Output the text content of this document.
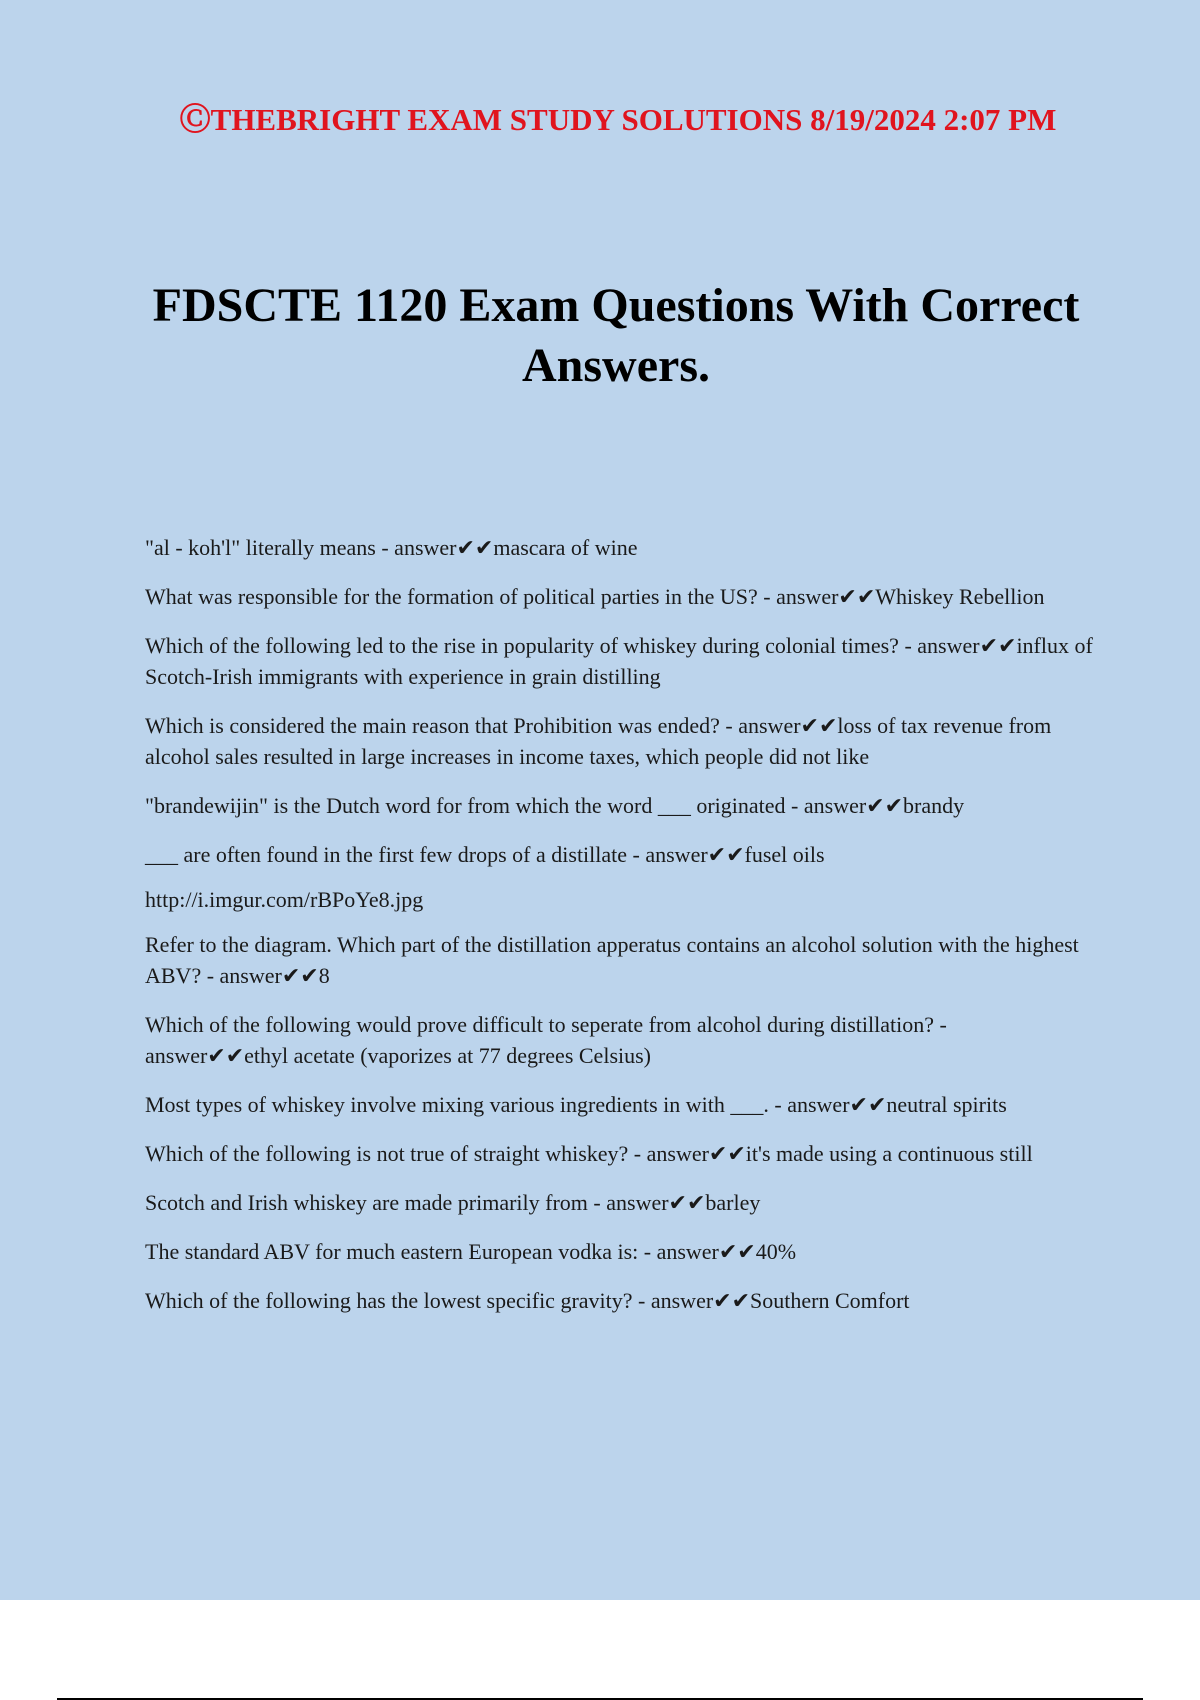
ⒸTHEBRIGHT EXAM STUDY SOLUTIONS 8/19/2024 2:07 PM
FDSCTE 1120 Exam Questions With Correct Answers.
"al - koh'l" literally means - answer✔✔mascara of wine
What was responsible for the formation of political parties in the US? - answer✔✔Whiskey Rebellion
Which of the following led to the rise in popularity of whiskey during colonial times? - answer✔✔influx of Scotch-Irish immigrants with experience in grain distilling
Which is considered the main reason that Prohibition was ended? - answer✔✔loss of tax revenue from alcohol sales resulted in large increases in income taxes, which people did not like
"brandewijin" is the Dutch word for from which the word ___ originated - answer✔✔brandy
___ are often found in the first few drops of a distillate - answer✔✔fusel oils
http://i.imgur.com/rBPoYe8.jpg
Refer to the diagram. Which part of the distillation apperatus contains an alcohol solution with the highest ABV? - answer✔✔8
Which of the following would prove difficult to seperate from alcohol during distillation? - answer✔✔ethyl acetate (vaporizes at 77 degrees Celsius)
Most types of whiskey involve mixing various ingredients in with ___. - answer✔✔neutral spirits
Which of the following is not true of straight whiskey? - answer✔✔it's made using a continuous still
Scotch and Irish whiskey are made primarily from - answer✔✔barley
The standard ABV for much eastern European vodka is: - answer✔✔40%
Which of the following has the lowest specific gravity? - answer✔✔Southern Comfort
